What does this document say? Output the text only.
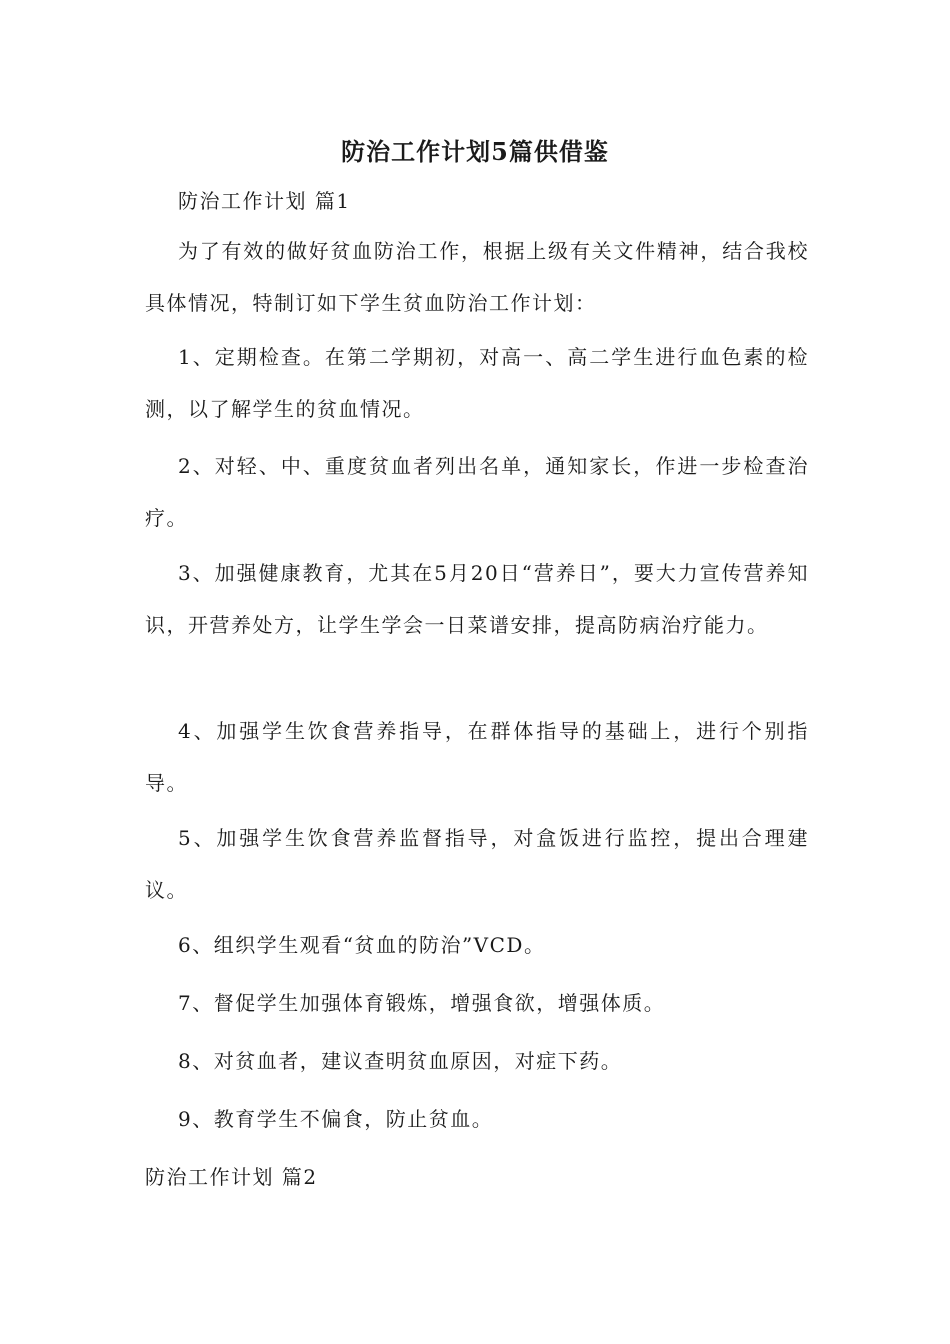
防治工作计划5篇供借鉴

防治工作计划 篇1

为了有效的做好贫血防治工作，根据上级有关文件精神，结合我校具体情况，特制订如下学生贫血防治工作计划：

1、定期检查。在第二学期初，对高一、高二学生进行血色素的检测，以了解学生的贫血情况。

2、对轻、中、重度贫血者列出名单，通知家长，作进一步检查治疗。

3、加强健康教育，尤其在5月20日“营养日”，要大力宣传营养知识，开营养处方，让学生学会一日菜谱安排，提高防病治疗能力。

4、加强学生饮食营养指导，在群体指导的基础上，进行个别指导。

5、加强学生饮食营养监督指导，对盒饭进行监控，提出合理建议。

6、组织学生观看“贫血的防治”VCD。

7、督促学生加强体育锻炼，增强食欲，增强体质。

8、对贫血者，建议查明贫血原因，对症下药。

9、教育学生不偏食，防止贫血。

防治工作计划 篇2
